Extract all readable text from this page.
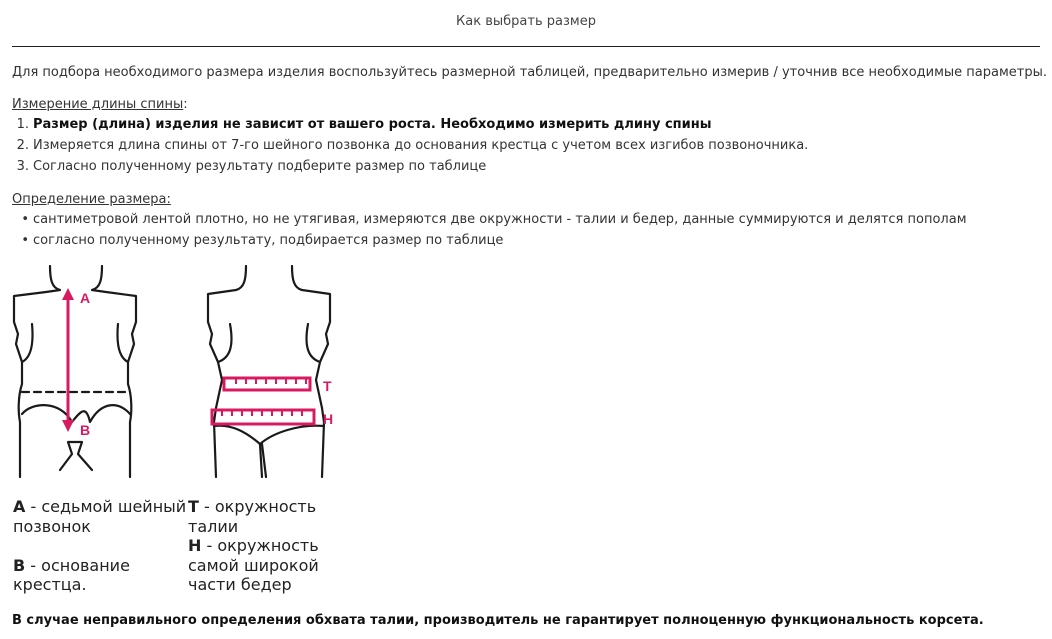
Как выбрать размер
Для подбора необходимого размера изделия воспользуйтесь размерной таблицей, предварительно измерив / уточнив все необходимые параметры.
Измерение длины спины:
1. Размер (длина) изделия не зависит от вашего роста. Необходимо измерить длину спины
2. Измеряется длина спины от 7-го шейного позвонка до основания крестца с учетом всех изгибов позвоночника.
3. Согласно полученному результату подберите размер по таблице
Определение размера:
• сантиметровой лентой плотно, но не утягивая, измеряются две окружности - талии и бедер, данные суммируются и делятся пополам
• согласно полученному результату, подбирается размер по таблице
A
B
T
H
A - седьмой шейный
позвонок
B - основание
крестца.
T - окружность
талии
H - окружность
самой широкой
части бедер
В случае неправильного определения обхвата талии, производитель не гарантирует полноценную функциональность корсета.
